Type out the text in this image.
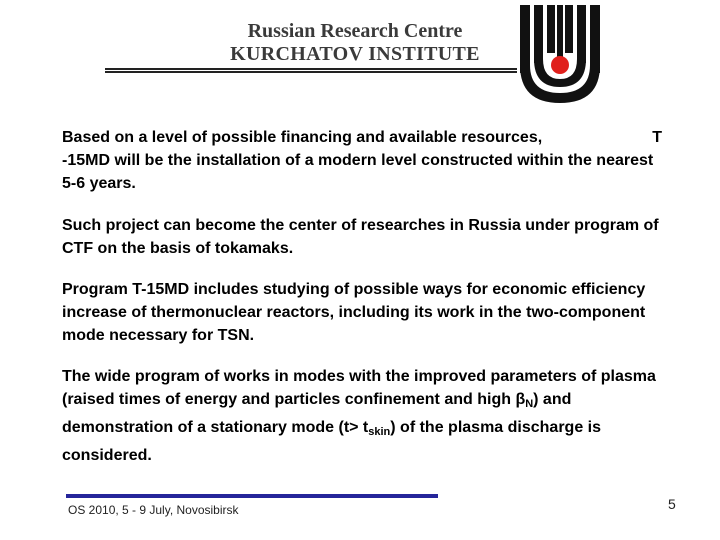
Russian Research Centre
KURCHATOV INSTITUTE
Based on a level of possible financing and available resources,	T
-15MD will be the installation of a modern level constructed within the nearest 5-6 years.

Such project can become the center of researches in Russia under program of CTF on the basis of tokamaks.

Program T-15MD includes studying of possible ways for economic efficiency increase of thermonuclear reactors, including its work in the two-component mode necessary for TSN.

The wide program of works in modes with the improved parameters of plasma (raised times of energy and particles confinement and high $\beta_N$) and demonstration of a stationary mode $(t> t_{skin})$ of the plasma discharge is considered.

OS 2010, 5 - 9 July, Novosibirsk	5
